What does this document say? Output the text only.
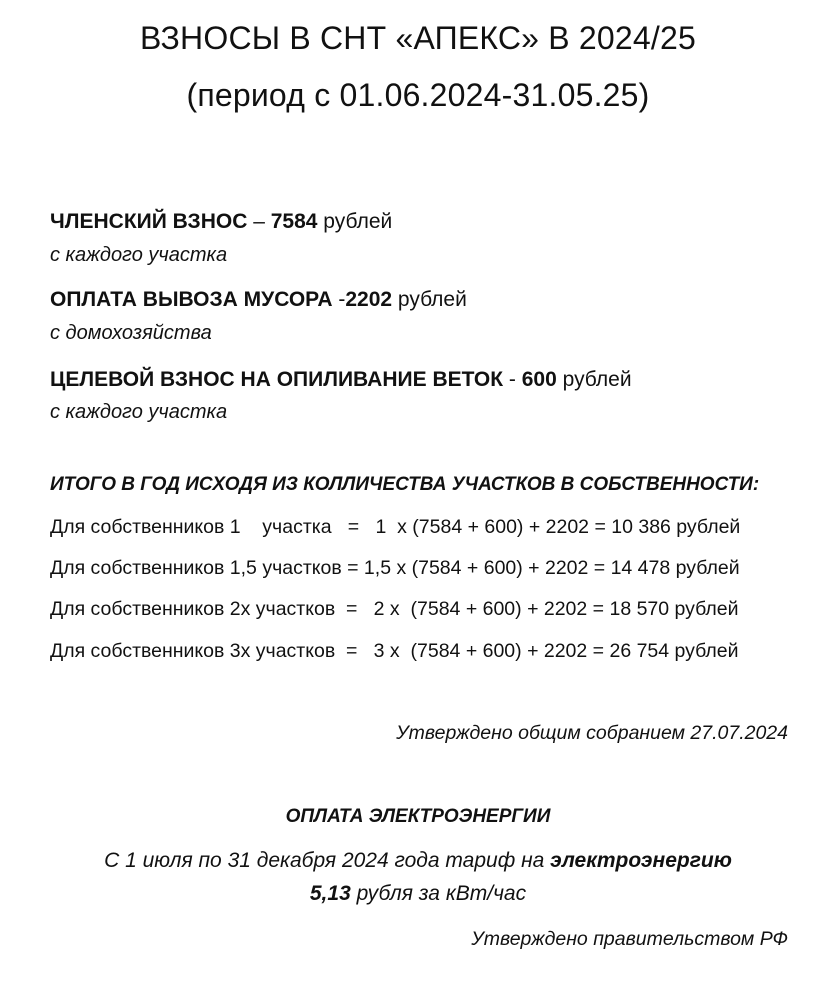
ВЗНОСЫ В СНТ «АПЕКС» В 2024/25
(период с 01.06.2024-31.05.25)
ЧЛЕНСКИЙ ВЗНОС – 7584 рублей
с каждого участка
ОПЛАТА ВЫВОЗА МУСОРА -2202 рублей
с домохозяйства
ЦЕЛЕВОЙ ВЗНОС НА ОПИЛИВАНИЕ ВЕТОК - 600 рублей
с каждого участка
ИТОГО В ГОД ИСХОДЯ ИЗ КОЛЛИЧЕСТВА УЧАСТКОВ В СОБСТВЕННОСТИ:
Для собственников 1    участка   =   1  х (7584 + 600) + 2202 = 10 386 рублей
Для собственников 1,5 участков = 1,5 х (7584 + 600) + 2202 = 14 478 рублей
Для собственников 2х участков  =   2 х  (7584 + 600) + 2202 = 18 570 рублей
Для собственников 3х участков  =   3 х  (7584 + 600) + 2202 = 26 754 рублей
Утверждено общим собранием 27.07.2024
ОПЛАТА ЭЛЕКТРОЭНЕРГИИ
С 1 июля по 31 декабря 2024 года тариф на электроэнергию
5,13 рубля за кВт/час
Утверждено правительством РФ
